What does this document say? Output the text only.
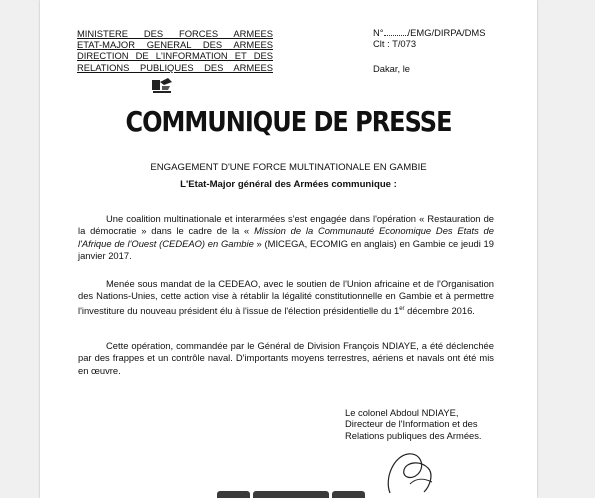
MINISTERE DES FORCES ARMEES
ETAT-MAJOR GENERAL DES ARMEES
DIRECTION DE L'INFORMATION ET DES
RELATIONS PUBLIQUES DES ARMEES
N°	/EMG/DIRPA/DMS
Clt : T/073
Dakar, le
COMMUNIQUE DE PRESSE
ENGAGEMENT D'UNE FORCE MULTINATIONALE EN GAMBIE
L'Etat-Major général des Armées communique :
Une coalition multinationale et interarmées s'est engagée dans l'opération « Restauration de la démocratie » dans le cadre de la « Mission de la Communauté Economique Des Etats de l'Afrique de l'Ouest (CEDEAO) en Gambie » (MICEGA, ECOMIG en anglais) en Gambie ce jeudi 19 janvier 2017.
Menée sous mandat de la CEDEAO, avec le soutien de l'Union africaine et de l'Organisation des Nations-Unies, cette action vise à rétablir la légalité constitutionnelle en Gambie et à permettre l'investiture du nouveau président élu à l'issue de l'élection présidentielle du 1er décembre 2016.
Cette opération, commandée par le Général de Division François NDIAYE, a été déclenchée par des frappes et un contrôle naval. D'importants moyens terrestres, aériens et navals ont été mis en œuvre.
Le colonel Abdoul NDIAYE,
Directeur de l'Information et des
Relations publiques des Armées.
